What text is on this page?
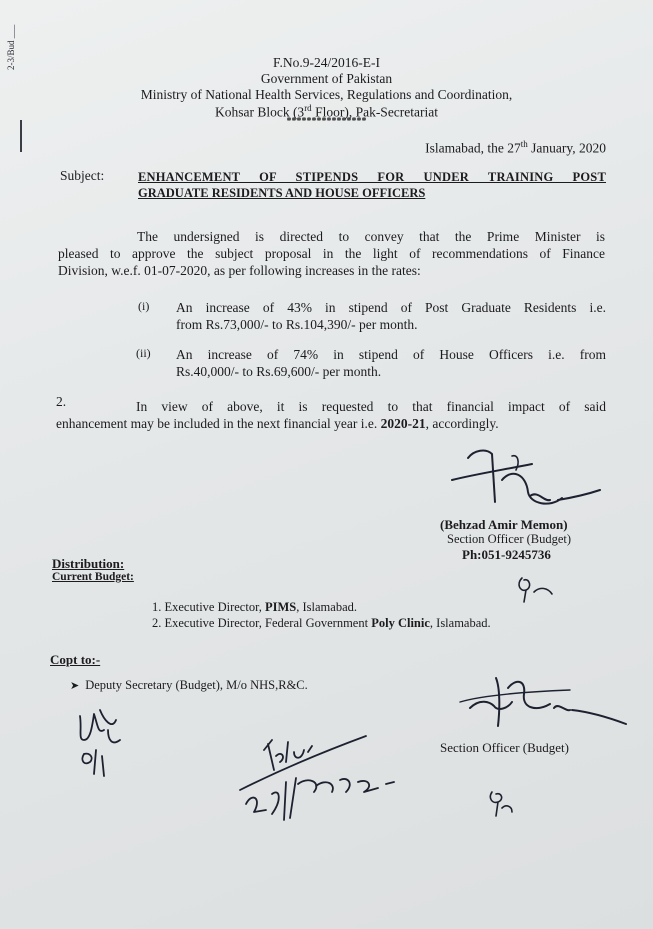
2-3/Bud ___	F.No.9-24/2016-E-I
Government of Pakistan
Ministry of National Health Services, Regulations and Coordination,
Kohsar Block (3rd Floor), Pak-Secretariat
****************
Islamabad, the 27th January, 2020
Subject:	ENHANCEMENT OF STIPENDS FOR UNDER TRAINING POST
GRADUATE RESIDENTS AND HOUSE OFFICERS
The undersigned is directed to convey that the Prime Minister is
pleased to approve the subject proposal in the light of recommendations of Finance
Division, w.e.f. 01-07-2020, as per following increases in the rates:
(i) An increase of 43% in stipend of Post Graduate Residents i.e.
from Rs.73,000/- to Rs.104,390/- per month.
(ii) An increase of 74% in stipend of House Officers i.e. from
Rs.40,000/- to Rs.69,600/- per month.
2.	In view of above, it is requested to that financial impact of said
enhancement may be included in the next financial year i.e. 2020-21, accordingly.
(Behzad Amir Memon)
Section Officer (Budget)
Ph:051-9245736
Distribution:
Current Budget:
1. Executive Director, PIMS, Islamabad.
2. Executive Director, Federal Government Poly Clinic, Islamabad.
Copt to:-
➤ Deputy Secretary (Budget), M/o NHS,R&C.
Section Officer (Budget)
